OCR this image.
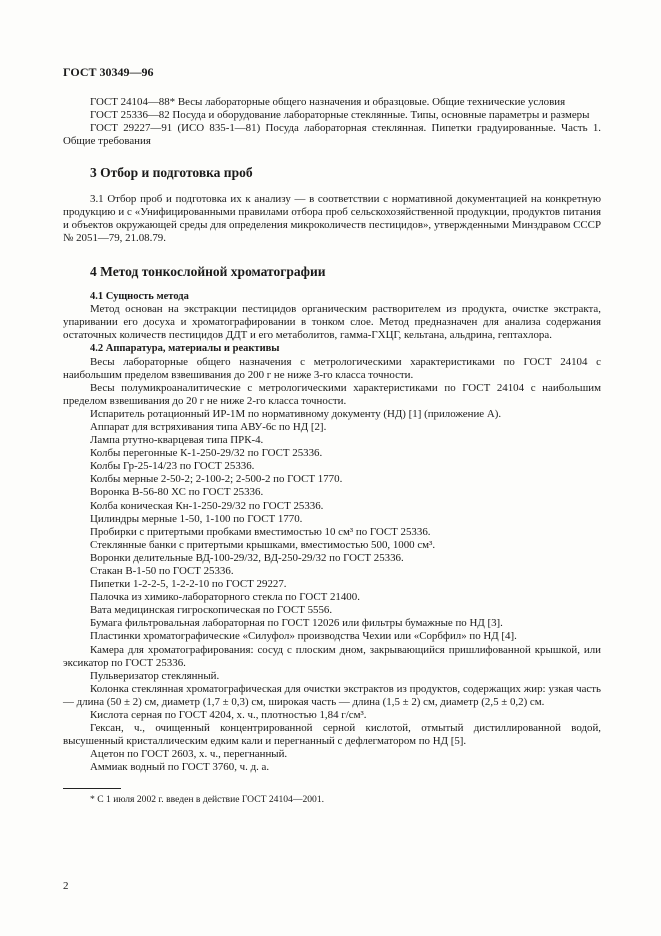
ГОСТ 30349—96

ГОСТ 24104—88* Весы лабораторные общего назначения и образцовые. Общие технические условия

ГОСТ 25336—82 Посуда и оборудование лабораторные стеклянные. Типы, основные параметры и размеры

ГОСТ 29227—91 (ИСО 835-1—81) Посуда лабораторная стеклянная. Пипетки градуированные. Часть 1. Общие требования

3 Отбор и подготовка проб

3.1 Отбор проб и подготовка их к анализу — в соответствии с нормативной документацией на конкретную продукцию и с «Унифицированными правилами отбора проб сельскохозяйственной продукции, продуктов питания и объектов окружающей среды для определения микроколичеств пестицидов», утвержденными Минздравом СССР № 2051—79, 21.08.79.

4 Метод тонкослойной хроматографии
4.1 Сущность метода

Метод основан на экстракции пестицидов органическим растворителем из продукта, очистке экстракта, упаривании его досуха и хроматографировании в тонком слое. Метод предназначен для анализа содержания остаточных количеств пестицидов ДДТ и его метаболитов, гамма-ГХЦГ, кельтана, альдрина, гептахлора.

4.2 Аппаратура, материалы и реактивы

Весы лабораторные общего назначения с метрологическими характеристиками по ГОСТ 24104 с наибольшим пределом взвешивания до 200 г не ниже 3-го класса точности.

Весы полумикроаналитические с метрологическими характеристиками по ГОСТ 24104 с наибольшим пределом взвешивания до 20 г не ниже 2-го класса точности.

Испаритель ротационный ИР-1М по нормативному документу (НД) [1] (приложение А).

Аппарат для встряхивания типа АВУ-6с по НД [2].

Лампа ртутно-кварцевая типа ПРК-4.

Колбы перегонные К-1-250-29/32 по ГОСТ 25336.

Колбы Гр-25-14/23 по ГОСТ 25336.

Колбы мерные 2-50-2; 2-100-2; 2-500-2 по ГОСТ 1770.

Воронка В-56-80 ХС по ГОСТ 25336.

Колба коническая Кн-1-250-29/32 по ГОСТ 25336.

Цилиндры мерные 1-50, 1-100 по ГОСТ 1770.

Пробирки с притертыми пробками вместимостью 10 см³ по ГОСТ 25336.

Стеклянные банки с притертыми крышками, вместимостью 500, 1000 см³.

Воронки делительные ВД-100-29/32, ВД-250-29/32 по ГОСТ 25336.

Стакан В-1-50 по ГОСТ 25336.

Пипетки 1-2-2-5, 1-2-2-10 по ГОСТ 29227.

Палочка из химико-лабораторного стекла по ГОСТ 21400.

Вата медицинская гигроскопическая по ГОСТ 5556.

Бумага фильтровальная лабораторная по ГОСТ 12026 или фильтры бумажные по НД [3].

Пластинки хроматографические «Силуфол» производства Чехии или «Сорбфил» по НД [4].

Камера для хроматографирования: сосуд с плоским дном, закрывающийся пришлифованной крышкой, или эксикатор по ГОСТ 25336.

Пульверизатор стеклянный.

Колонка стеклянная хроматографическая для очистки экстрактов из продуктов, содержащих жир: узкая часть — длина (50 ± 2) см, диаметр (1,7 ± 0,3) см, широкая часть — длина (1,5 ± 2) см, диаметр (2,5 ± 0,2) см.

Кислота серная по ГОСТ 4204, х. ч., плотностью 1,84 г/см³.

Гексан, ч., очищенный концентрированной серной кислотой, отмытый дистиллированной водой, высушенный кристаллическим едким кали и перегнанный с дефлегматором по НД [5].

Ацетон по ГОСТ 2603, х. ч., перегнанный.

Аммиак водный по ГОСТ 3760, ч. д. а.

* С 1 июля 2002 г. введен в действие ГОСТ 24104—2001.

2
